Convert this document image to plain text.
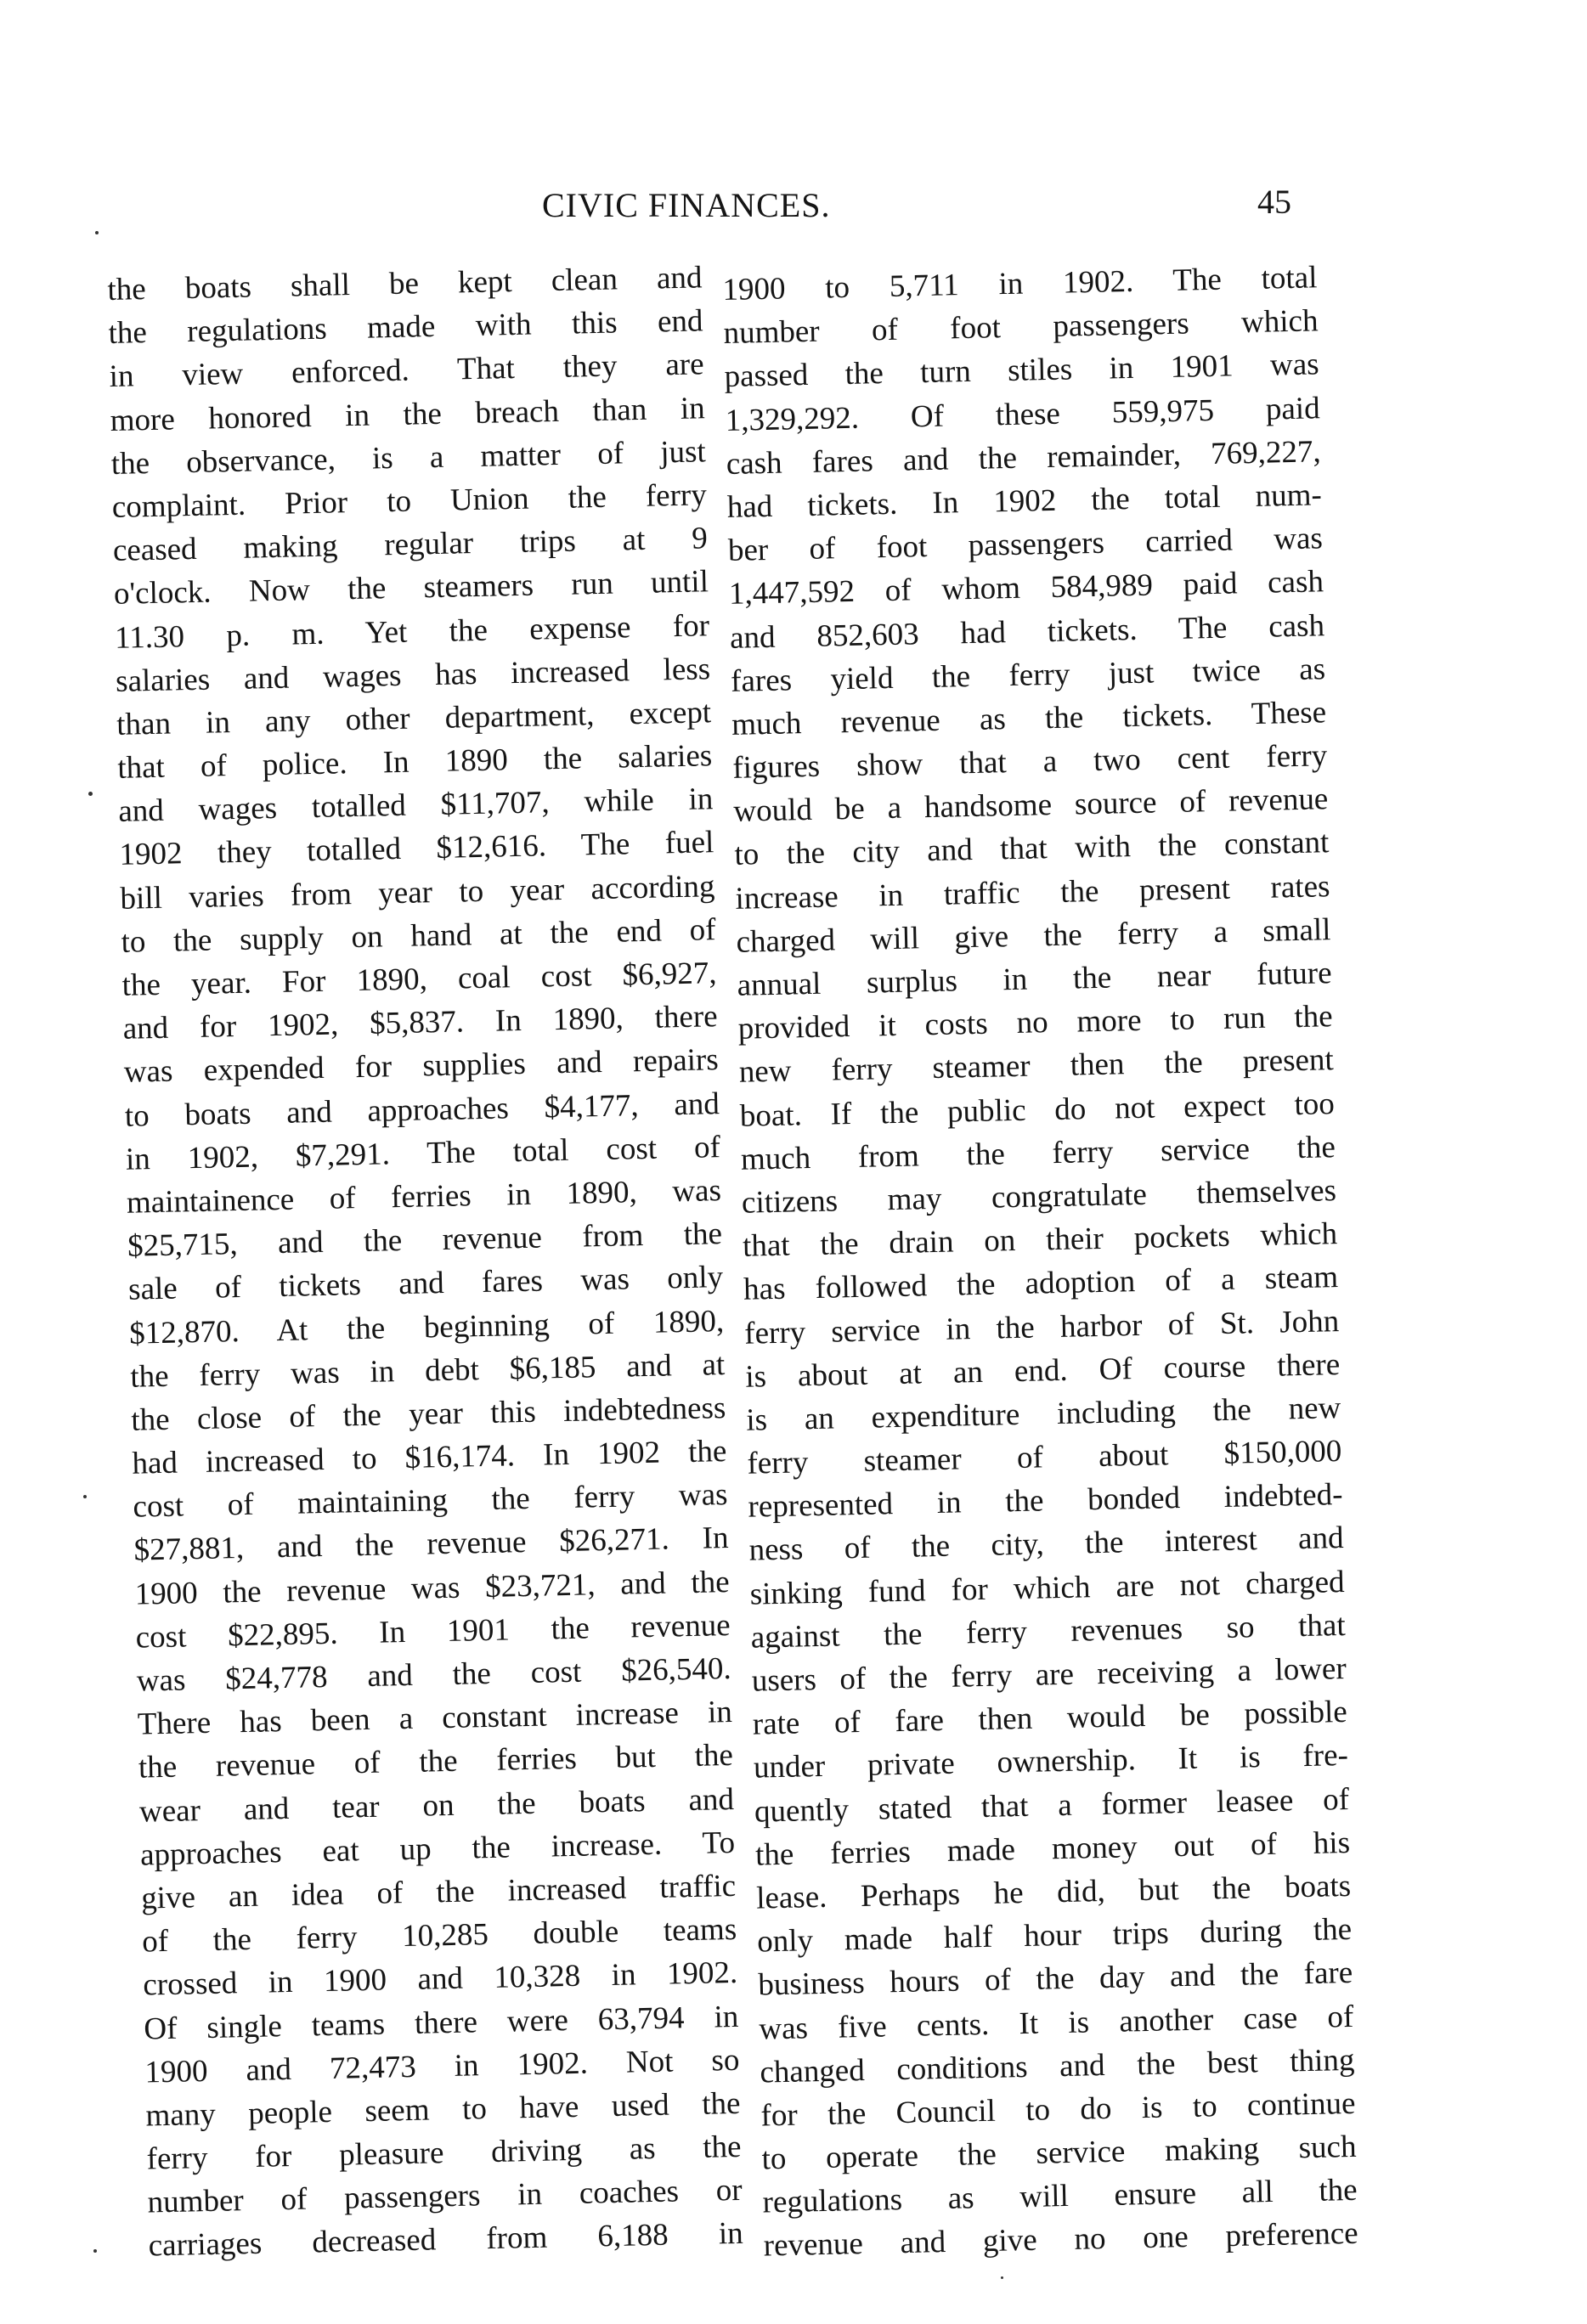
CIVIC FINANCES.	45
the boats shall be kept clean and
the regulations made with this end
in view enforced. That they are
more honored in the breach than in
the observance, is a matter of just
complaint. Prior to Union the ferry
ceased making regular trips at 9
o'clock. Now the steamers run until
11.30 p. m. Yet the expense for
salaries and wages has increased less
than in any other department, except
that of police. In 1890 the salaries
and wages totalled $11,707, while in
1902 they totalled $12,616. The fuel
bill varies from year to year according
to the supply on hand at the end of
the year. For 1890, coal cost $6,927,
and for 1902, $5,837. In 1890, there
was expended for supplies and repairs
to boats and approaches $4,177, and
in 1902, $7,291. The total cost of
maintainence of ferries in 1890, was
$25,715, and the revenue from the
sale of tickets and fares was only
$12,870. At the beginning of 1890,
the ferry was in debt $6,185 and at
the close of the year this indebtedness
had increased to $16,174. In 1902 the
cost of maintaining the ferry was
$27,881, and the revenue $26,271. In
1900 the revenue was $23,721, and the
cost $22,895. In 1901 the revenue
was $24,778 and the cost $26,540.
There has been a constant increase in
the revenue of the ferries but the
wear and tear on the boats and
approaches eat up the increase. To
give an idea of the increased traffic
of the ferry 10,285 double teams
crossed in 1900 and 10,328 in 1902.
Of single teams there were 63,794 in
1900 and 72,473 in 1902. Not so
many people seem to have used the
ferry for pleasure driving as the
number of passengers in coaches or
carriages decreased from 6,188 in
1900 to 5,711 in 1902. The total
number of foot passengers which
passed the turn stiles in 1901 was
1,329,292. Of these 559,975 paid
cash fares and the remainder, 769,227,
had tickets. In 1902 the total num-
ber of foot passengers carried was
1,447,592 of whom 584,989 paid cash
and 852,603 had tickets. The cash
fares yield the ferry just twice as
much revenue as the tickets. These
figures show that a two cent ferry
would be a handsome source of revenue
to the city and that with the constant
increase in traffic the present rates
charged will give the ferry a small
annual surplus in the near future
provided it costs no more to run the
new ferry steamer then the present
boat. If the public do not expect too
much from the ferry service the
citizens may congratulate themselves
that the drain on their pockets which
has followed the adoption of a steam
ferry service in the harbor of St. John
is about at an end. Of course there
is an expenditure including the new
ferry steamer of about $150,000
represented in the bonded indebted-
ness of the city, the interest and
sinking fund for which are not charged
against the ferry revenues so that
users of the ferry are receiving a lower
rate of fare then would be possible
under private ownership. It is fre-
quently stated that a former leasee of
the ferries made money out of his
lease. Perhaps he did, but the boats
only made half hour trips during the
business hours of the day and the fare
was five cents. It is another case of
changed conditions and the best thing
for the Council to do is to continue
to operate the service making such
regulations as will ensure all the
revenue and give no one preference
